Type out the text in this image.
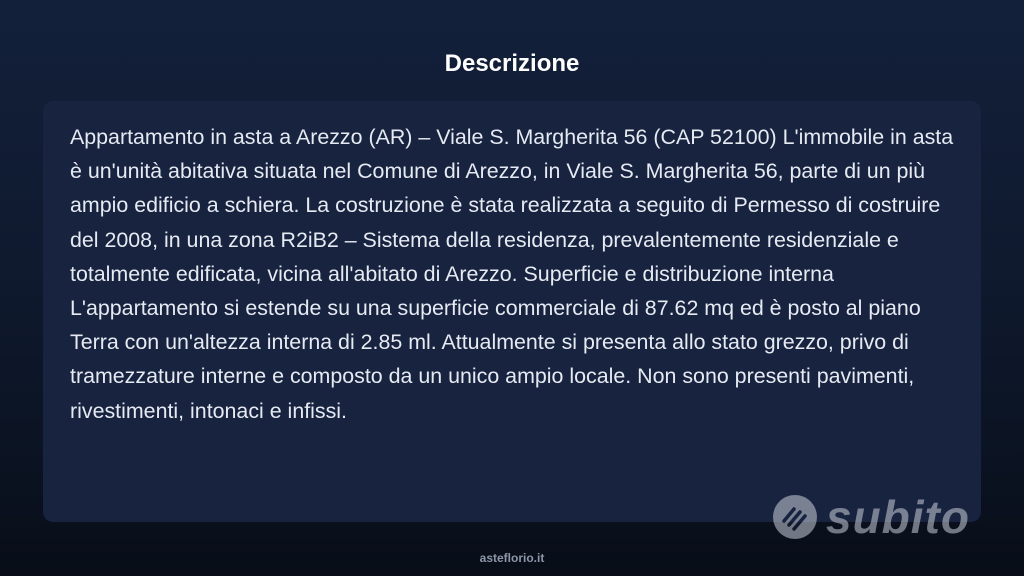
Descrizione

Appartamento in asta a Arezzo (AR) – Viale S. Margherita 56 (CAP 52100) L'immobile in asta è un'unità abitativa situata nel Comune di Arezzo, in Viale S. Margherita 56, parte di un più ampio edificio a schiera. La costruzione è stata realizzata a seguito di Permesso di costruire del 2008, in una zona R2iB2 – Sistema della residenza, prevalentemente residenziale e totalmente edificata, vicina all'abitato di Arezzo. Superficie e distribuzione interna L'appartamento si estende su una superficie commerciale di 87.62 mq ed è posto al piano Terra con un'altezza interna di 2.85 ml. Attualmente si presenta allo stato grezzo, privo di tramezzature interne e composto da un unico ampio locale. Non sono presenti pavimenti, rivestimenti, intonaci e infissi.

subito
asteflorio.it
